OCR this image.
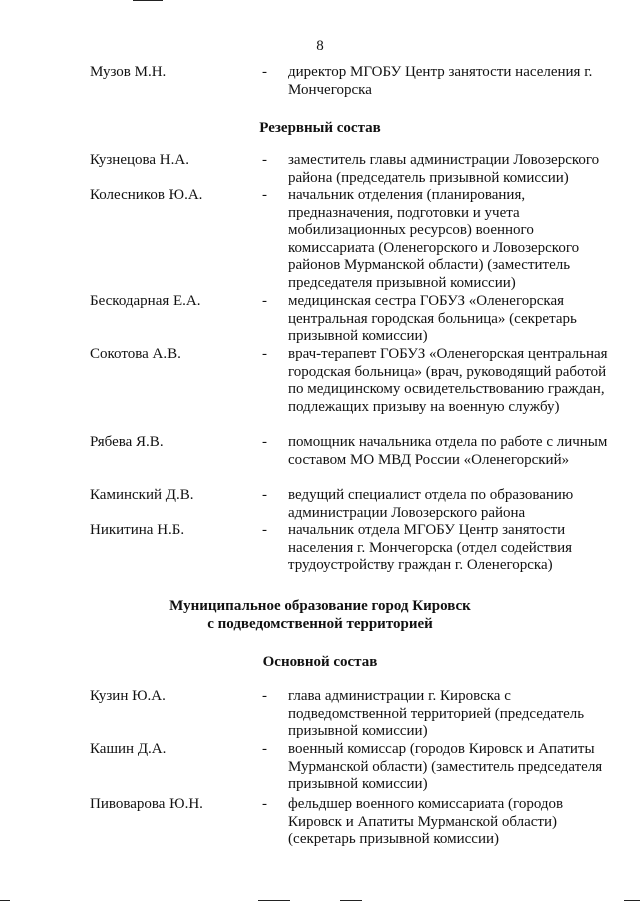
8
Музов М.Н.	- директор МГОБУ Центр занятости населения г. Мончегорска
Резервный состав
Кузнецова Н.А.	- заместитель главы администрации Ловозерского района (председатель призывной комиссии)
Колесников Ю.А.	- начальник отделения (планирования, предназначения, подготовки и учета мобилизационных ресурсов) военного комиссариата (Оленегорского и Ловозерского районов Мурманской области) (заместитель председателя призывной комиссии)
Бескодарная Е.А.	- медицинская сестра ГОБУЗ «Оленегорская центральная городская больница» (секретарь призывной комиссии)
Сокотова А.В.	- врач-терапевт ГОБУЗ «Оленегорская центральная городская больница» (врач, руководящий работой по медицинскому освидетельствованию граждан, подлежащих призыву на военную службу)
Рябева Я.В.	- помощник начальника отдела по работе с личным составом МО МВД России «Оленегорский»
Каминский Д.В.	- ведущий специалист отдела по образованию администрации Ловозерского района
Никитина Н.Б.	- начальник отдела МГОБУ Центр занятости населения г. Мончегорска (отдел содействия трудоустройству граждан г. Оленегорска)
Муниципальное образование город Кировск
с подведомственной территорией
Основной состав
Кузин Ю.А.	- глава администрации г. Кировска с подведомственной территорией (председатель призывной комиссии)
Кашин Д.А.	- военный комиссар (городов Кировск и Апатиты Мурманской области) (заместитель председателя призывной комиссии)
Пивоварова Ю.Н.	- фельдшер военного комиссариата (городов Кировск и Апатиты Мурманской области) (секретарь призывной комиссии)
